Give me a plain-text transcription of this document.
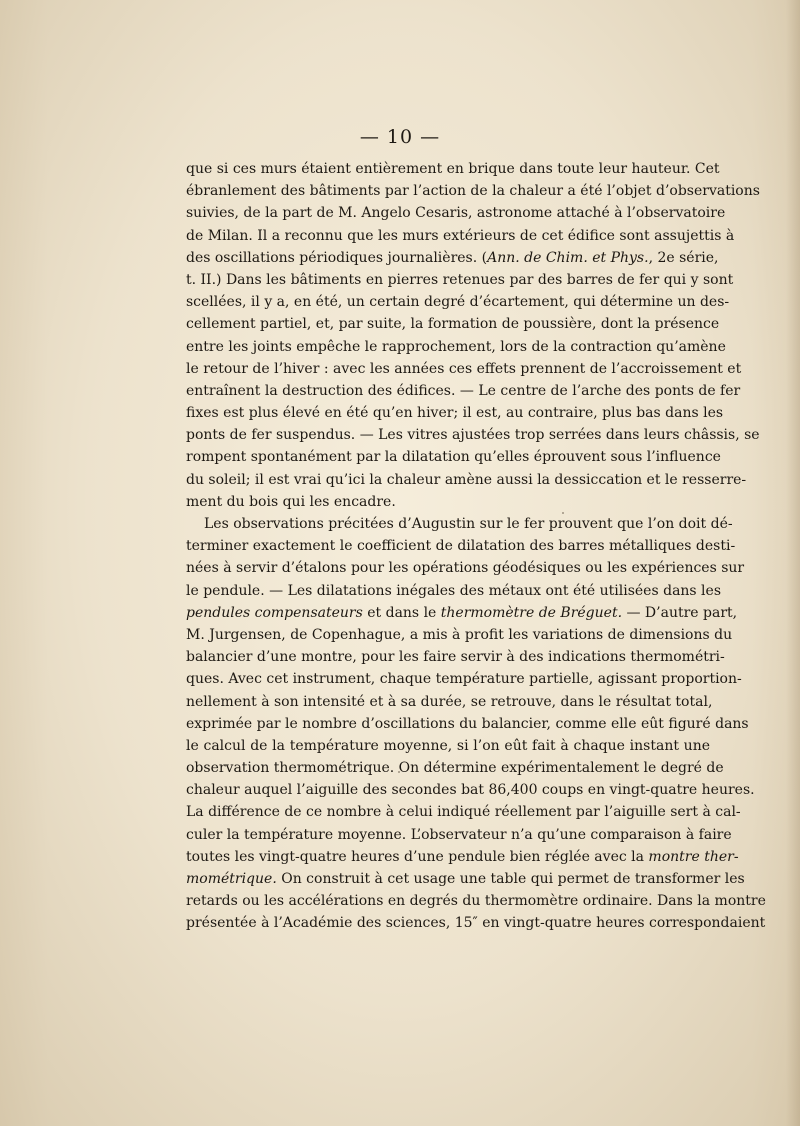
— 10 —
que si ces murs étaient entièrement en brique dans toute leur hauteur. Cet
ébranlement des bâtiments par l’action de la chaleur a été l’objet d’observations
suivies, de la part de M. Angelo Cesaris, astronome attaché à l’observatoire
de Milan. Il a reconnu que les murs extérieurs de cet édifice sont assujettis à
des oscillations périodiques journalières. (Ann. de Chim. et Phys., 2e série,
t. II.) Dans les bâtiments en pierres retenues par des barres de fer qui y sont
scellées, il y a, en été, un certain degré d’écartement, qui détermine un des-
cellement partiel, et, par suite, la formation de poussière, dont la présence
entre les joints empêche le rapprochement, lors de la contraction qu’amène
le retour de l’hiver : avec les années ces effets prennent de l’accroissement et
entraînent la destruction des édifices. — Le centre de l’arche des ponts de fer
fixes est plus élevé en été qu’en hiver; il est, au contraire, plus bas dans les
ponts de fer suspendus. — Les vitres ajustées trop serrées dans leurs châssis, se
rompent spontanément par la dilatation qu’elles éprouvent sous l’influence
du soleil; il est vrai qu’ici la chaleur amène aussi la dessiccation et le resserre-
ment du bois qui les encadre.
Les observations précitées d’Augustin sur le fer prouvent que l’on doit dé-
terminer exactement le coefficient de dilatation des barres métalliques desti-
nées à servir d’étalons pour les opérations géodésiques ou les expériences sur
le pendule. — Les dilatations inégales des métaux ont été utilisées dans les
pendules compensateurs et dans le thermomètre de Bréguet. — D’autre part,
M. Jurgensen, de Copenhague, a mis à profit les variations de dimensions du
balancier d’une montre, pour les faire servir à des indications thermométri-
ques. Avec cet instrument, chaque température partielle, agissant proportion-
nellement à son intensité et à sa durée, se retrouve, dans le résultat total,
exprimée par le nombre d’oscillations du balancier, comme elle eût figuré dans
le calcul de la température moyenne, si l’on eût fait à chaque instant une
observation thermométrique. On détermine expérimentalement le degré de
chaleur auquel l’aiguille des secondes bat 86,400 coups en vingt-quatre heures.
La différence de ce nombre à celui indiqué réellement par l’aiguille sert à cal-
culer la température moyenne. L’observateur n’a qu’une comparaison à faire
toutes les vingt-quatre heures d’une pendule bien réglée avec la montre ther-
mométrique. On construit à cet usage une table qui permet de transformer les
retards ou les accélérations en degrés du thermomètre ordinaire. Dans la montre
présentée à l’Académie des sciences, 15″ en vingt-quatre heures correspondaient
